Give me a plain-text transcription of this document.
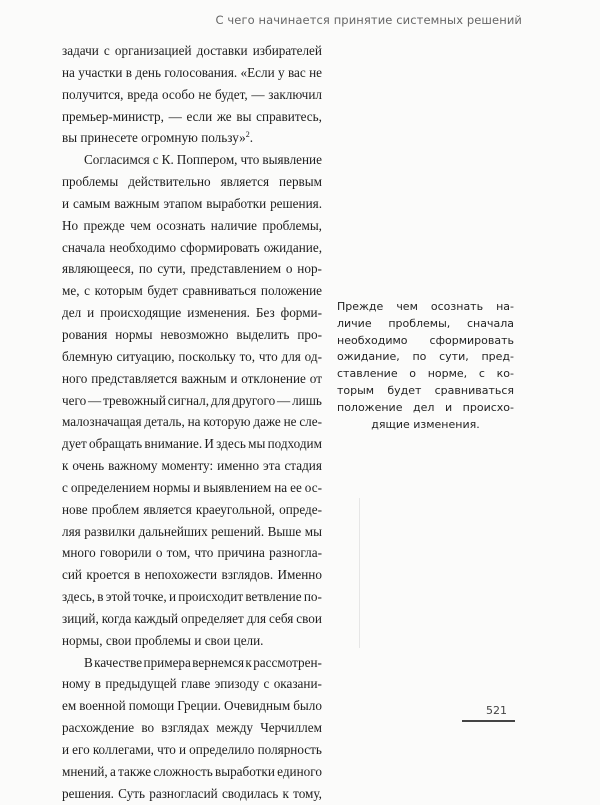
С чего начинается принятие системных решений
задачи с организацией доставки избирателей
на участки в день голосования. «Если у вас не
получится, вреда особо не будет, — заключил
премьер-министр, — если же вы справитесь,
вы принесете огромную пользу»$^2$.
Согласимся с К. Поппером, что выявление
проблемы действительно является первым
и самым важным этапом выработки решения.
Но прежде чем осознать наличие проблемы,
сначала необходимо сформировать ожидание,
являющееся, по сути, представлением о нор-
ме, с которым будет сравниваться положение
дел и происходящие изменения. Без форми-
рования нормы невозможно выделить про-
блемную ситуацию, поскольку то, что для од-
ного представляется важным и отклонение от
чего — тревожный сигнал, для другого — лишь
малозначащая деталь, на которую даже не сле-
дует обращать внимание. И здесь мы подходим
к очень важному моменту: именно эта стадия
с определением нормы и выявлением на ее ос-
нове проблем является краеугольной, опреде-
ляя развилки дальнейших решений. Выше мы
много говорили о том, что причина разногла-
сий кроется в непохожести взглядов. Именно
здесь, в этой точке, и происходит ветвление по-
зиций, когда каждый определяет для себя свои
нормы, свои проблемы и свои цели.
В качестве примера вернемся к рассмотрен-
ному в предыдущей главе эпизоду с оказани-
ем военной помощи Греции. Очевидным было
расхождение во взглядах между Черчиллем
и его коллегами, что и определило полярность
мнений, а также сложность выработки единого
решения. Суть разногласий сводилась к тому,
Прежде чем осознать на-
личие проблемы, сначала
необходимо сформировать
ожидание, по сути, пред-
ставление о норме, с ко-
торым будет сравниваться
положение дел и происхо-
дящие изменения.
521
